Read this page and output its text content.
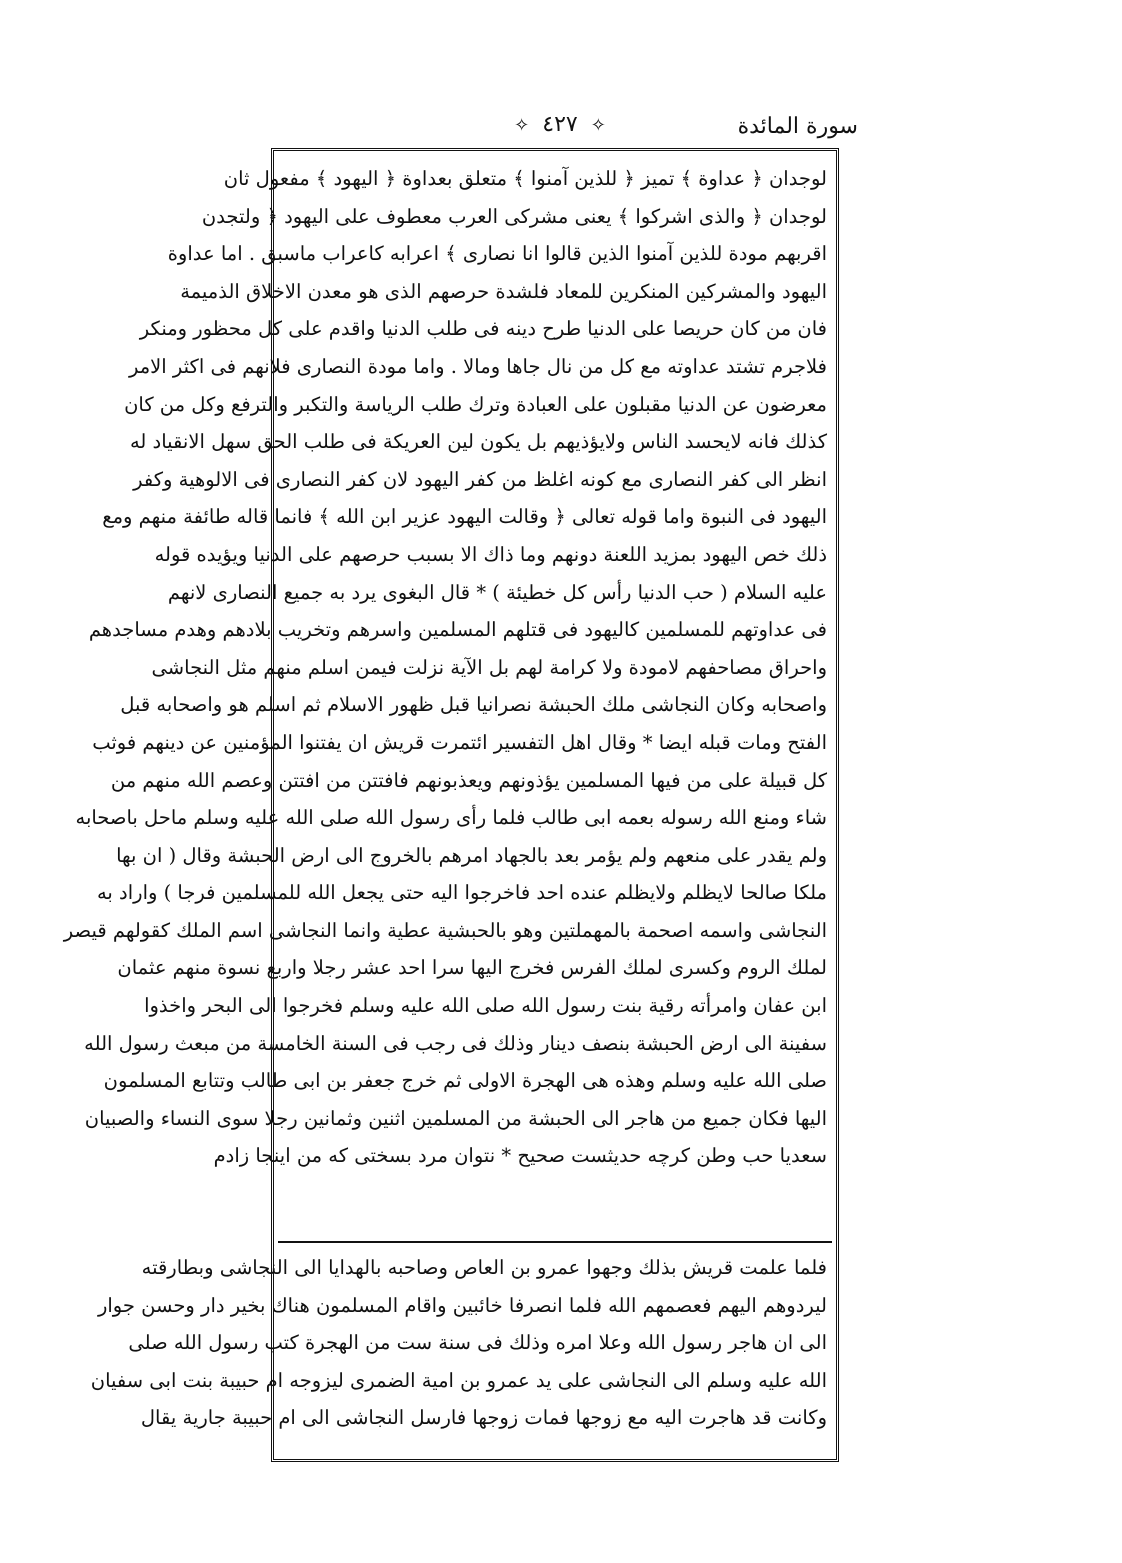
سورة المائدة
✧ ٤٢٧ ✧
لوجدان ﴿ عداوة ﴾ تميز ﴿ للذين آمنوا ﴾ متعلق بعداوة ﴿ اليهود ﴾ مفعول ثان
لوجدان ﴿ والذى اشركوا ﴾ يعنى مشركى العرب معطوف على اليهود ﴿ ولتجدن
اقربهم مودة للذين آمنوا الذين قالوا انا نصارى ﴾ اعرابه كاعراب ماسبق . اما عداوة
اليهود والمشركين المنكرين للمعاد فلشدة حرصهم الذى هو معدن الاخلاق الذميمة
فان من كان حريصا على الدنيا طرح دينه فى طلب الدنيا واقدم على كل محظور ومنكر
فلاجرم تشتد عداوته مع كل من نال جاها ومالا . واما مودة النصارى فلانهم فى اكثر الامر
معرضون عن الدنيا مقبلون على العبادة وترك طلب الرياسة والتكبر والترفع وكل من كان
كذلك فانه لايحسد الناس ولايؤذيهم بل يكون لين العريكة فى طلب الحق سهل الانقياد له
انظر الى كفر النصارى مع كونه اغلظ من كفر اليهود لان كفر النصارى فى الالوهية وكفر
اليهود فى النبوة واما قوله تعالى ﴿ وقالت اليهود عزير ابن الله ﴾ فانما قاله طائفة منهم ومع
ذلك خص اليهود بمزيد اللعنة دونهم وما ذاك الا بسبب حرصهم على الدنيا ويؤيده قوله
عليه السلام ( حب الدنيا رأس كل خطيئة ) * قال البغوى يرد به جميع النصارى لانهم
فى عداوتهم للمسلمين كاليهود فى قتلهم المسلمين واسرهم وتخريب بلادهم وهدم مساجدهم
واحراق مصاحفهم لامودة ولا كرامة لهم بل الآية نزلت فيمن اسلم منهم مثل النجاشى
واصحابه وكان النجاشى ملك الحبشة نصرانيا قبل ظهور الاسلام ثم اسلم هو واصحابه قبل
الفتح ومات قبله ايضا * وقال اهل التفسير ائتمرت قريش ان يفتنوا المؤمنين عن دينهم فوثب
كل قبيلة على من فيها المسلمين يؤذونهم ويعذبونهم فافتتن من افتتن وعصم الله منهم من
شاء ومنع الله رسوله بعمه ابى طالب فلما رأى رسول الله صلى الله عليه وسلم ماحل باصحابه
ولم يقدر على منعهم ولم يؤمر بعد بالجهاد امرهم بالخروج الى ارض الحبشة وقال ( ان بها
ملكا صالحا لايظلم ولايظلم عنده احد فاخرجوا اليه حتى يجعل الله للمسلمين فرجا ) واراد به
النجاشى واسمه اصحمة بالمهملتين وهو بالحبشية عطية وانما النجاشى اسم الملك كقولهم قيصر
لملك الروم وكسرى لملك الفرس فخرج اليها سرا احد عشر رجلا واربع نسوة منهم عثمان
ابن عفان وامرأته رقية بنت رسول الله صلى الله عليه وسلم فخرجوا الى البحر واخذوا
سفينة الى ارض الحبشة بنصف دينار وذلك فى رجب فى السنة الخامسة من مبعث رسول الله
صلى الله عليه وسلم وهذه هى الهجرة الاولى ثم خرج جعفر بن ابى طالب وتتابع المسلمون
اليها فكان جميع من هاجر الى الحبشة من المسلمين اثنين وثمانين رجلا سوى النساء والصبيان
سعديا حب وطن كرچه حديثست صحيح * نتوان مرد بسختى كه من اينجا زادم
فلما علمت قريش بذلك وجهوا عمرو بن العاص وصاحبه بالهدايا الى النجاشى وبطارقته
ليردوهم اليهم فعصمهم الله فلما انصرفا خائبين واقام المسلمون هناك بخير دار وحسن جوار
الى ان هاجر رسول الله وعلا امره وذلك فى سنة ست من الهجرة كتب رسول الله صلى
الله عليه وسلم الى النجاشى على يد عمرو بن امية الضمرى ليزوجه ام حبيبة بنت ابى سفيان
وكانت قد هاجرت اليه مع زوجها فمات زوجها فارسل النجاشى الى ام حبيبة جارية يقال
